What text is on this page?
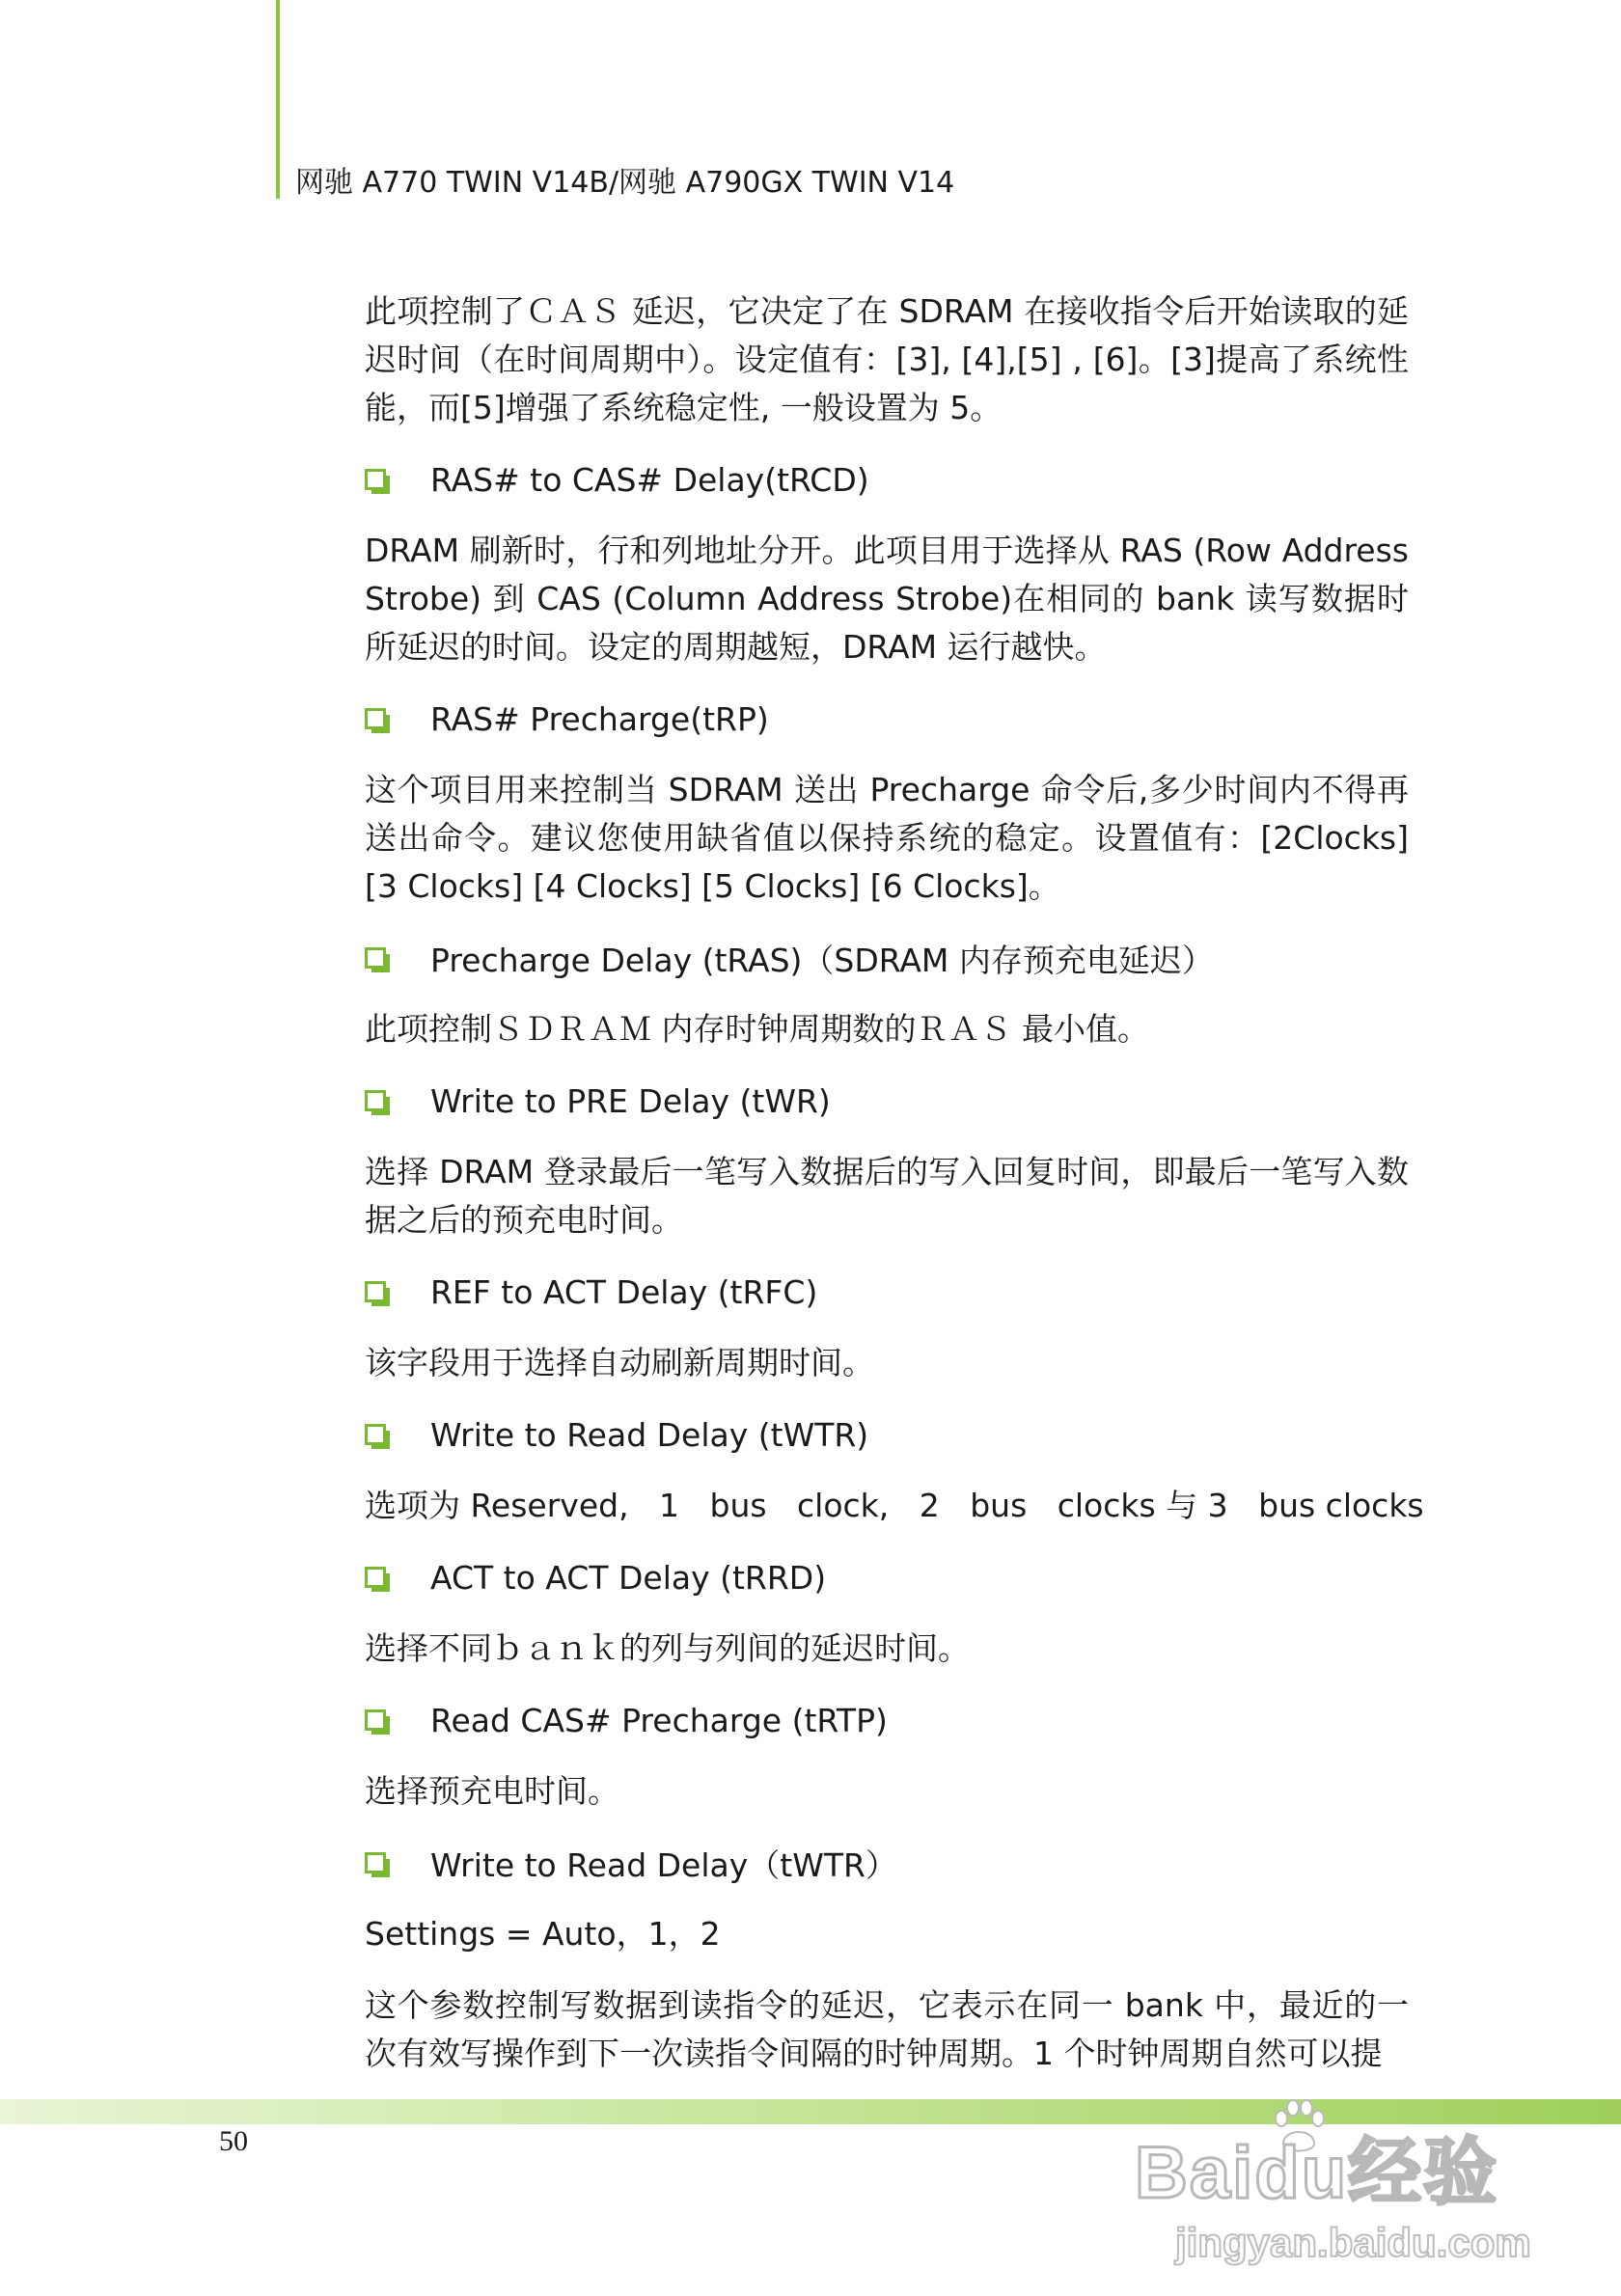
网驰 A770 TWIN V14B/网驰 A790GX TWIN V14

此项控制了ＣＡＳ 延迟，它决定了在 SDRAM 在接收指令后开始读取的延迟时间（在时间周期中）。设定值有：[3], [4],[5] , [6]。[3]提高了系统性能，而[5]增强了系统稳定性, 一般设置为 5。

RAS# to CAS# Delay(tRCD)

DRAM 刷新时，行和列地址分开。此项目用于选择从 RAS (Row Address Strobe) 到 CAS (Column Address Strobe)在相同的 bank 读写数据时所延迟的时间。设定的周期越短，DRAM 运行越快。

RAS# Precharge(tRP)

这个项目用来控制当 SDRAM 送出 Precharge 命令后,多少时间内不得再送出命令。建议您使用缺省值以保持系统的稳定。设置值有：[2Clocks] [3 Clocks] [4 Clocks] [5 Clocks] [6 Clocks]。

Precharge Delay (tRAS)（SDRAM 内存预充电延迟）

此项控制ＳＤＲＡＭ 内存时钟周期数的ＲＡＳ 最小值。

Write to PRE Delay (tWR)

选择 DRAM 登录最后一笔写入数据后的写入回复时间，即最后一笔写入数据之后的预充电时间。

REF to ACT Delay (tRFC)

该字段用于选择自动刷新周期时间。

Write to Read Delay (tWTR)

选项为 Reserved,   1   bus   clock,   2   bus   clocks 与 3   bus clocks

ACT to ACT Delay (tRRD)

选择不同ｂａｎｋ的列与列间的延迟时间。

Read CAS# Precharge (tRTP)

选择预充电时间。

Write to Read Delay（tWTR）

Settings = Auto，1，2

这个参数控制写数据到读指令的延迟，它表示在同一 bank 中，最近的一次有效写操作到下一次读指令间隔的时钟周期。1 个时钟周期自然可以提

50	Baidu经验
jingyan.baidu.com
